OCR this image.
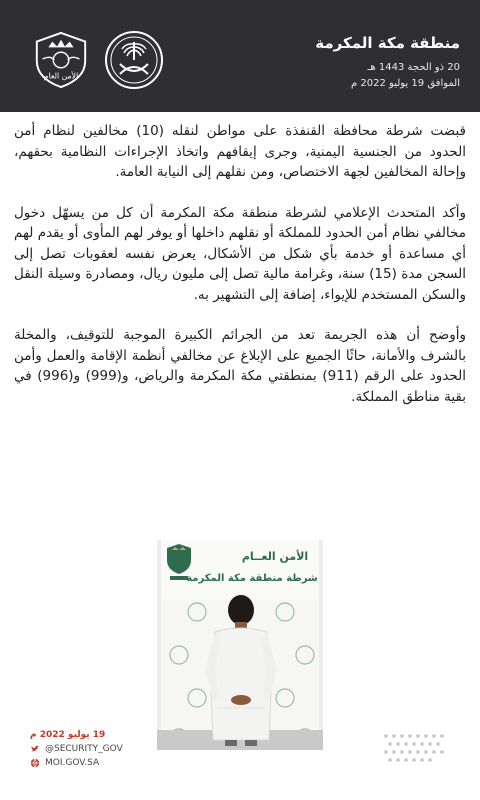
منطقة مكة المكرمة
20 ذو الحجة 1443 هـ
الموافق 19 يوليو 2022 م
الأمن العام

قبضت شرطة محافظة القنفذة على مواطن لنقله (10) مخالفين لنظام أمن الحدود من الجنسية اليمنية، وجرى إيقافهم واتخاذ الإجراءات النظامية بحقهم، وإحالة المخالفين لجهة الاختصاص، ومن نقلهم إلى النيابة العامة.

وأكد المتحدث الإعلامي لشرطة منطقة مكة المكرمة أن كل من يسهّل دخول مخالفي نظام أمن الحدود للمملكة أو نقلهم داخلها أو يوفر لهم المأوى أو يقدم لهم أي مساعدة أو خدمة بأي شكل من الأشكال، يعرض نفسه لعقوبات تصل إلى السجن مدة (15) سنة، وغرامة مالية تصل إلى مليون ريال، ومصادرة وسيلة النقل والسكن المستخدم للإيواء، إضافة إلى التشهير به.

وأوضح أن هذه الجريمة تعد من الجرائم الكبيرة الموجبة للتوقيف، والمخلة بالشرف والأمانة، حاثًا الجميع على الإبلاغ عن مخالفي أنظمة الإقامة والعمل وأمن الحدود على الرقم (911) بمنطقتي مكة المكرمة والرياض، و(999) و(996) في بقية مناطق المملكة.

الأمن العــام
شرطة منطقة مكة المكرمة
19 يوليو 2022 م
@SECURITY_GOV
MOI.GOV.SA
